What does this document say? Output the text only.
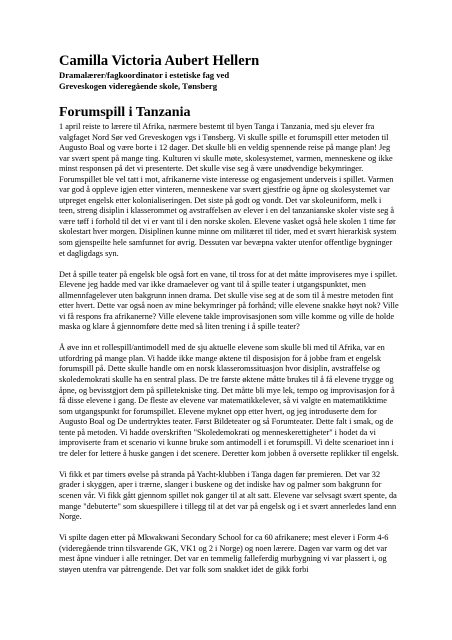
Camilla Victoria Aubert Hellern

Dramalærer/fagkoordinator i estetiske fag ved

Greveskogen videregående skole, Tønsberg

Forumspill i Tanzania

1 april reiste to lærere til Afrika, nærmere bestemt til byen Tanga i Tanzania, med sju elever fra valgfaget Nord Sør ved Greveskogen vgs i Tønsberg. Vi skulle spille et forumspill etter metoden til Augusto Boal og være borte i 12 dager. Det skulle bli en veldig spennende reise på mange plan! Jeg var svært spent på mange ting. Kulturen vi skulle møte, skolesystemet, varmen, menneskene og ikke minst responsen på det vi presenterte. Det skulle vise seg å være unødvendige bekymringer. Forumspillet ble vel tatt i mot, afrikanerne viste interesse og engasjement underveis i spillet. Varmen var god å oppleve igjen etter vinteren, menneskene var svært gjestfrie og åpne og skolesystemet var utpreget engelsk etter kolonialiseringen. Det siste på godt og vondt. Det var skoleuniform, melk i teen, streng disiplin i klasserommet og avstraffelsen av elever i en del tanzanianske skoler viste seg å være tøff i forhold til det vi er vant til i den norske skolen. Elevene vasket også hele skolen 1 time før skolestart hver morgen. Disiplinen kunne minne om militæret til tider, med et svært hierarkisk system som gjenspeilte hele samfunnet for øvrig. Dessuten var bevæpna vakter utenfor offentlige bygninger et dagligdags syn.

Det å spille teater på engelsk ble også fort en vane, til tross for at det måtte improviseres mye i spillet. Elevene jeg hadde med var ikke dramaelever og vant til å spille teater i utgangspunktet, men allmennfagelever uten bakgrunn innen drama. Det skulle vise seg at de som til å mestre metoden fint etter hvert. Dette var også noen av mine bekymringer på forhånd; ville elevene snakke høyt nok? Ville vi få respons fra afrikanerne? Ville elevene takle improvisasjonen som ville komme og ville de holde maska og klare å gjennomføre dette med så liten trening i å spille teater?

Å øve inn et rollespill/antimodell med de sju aktuelle elevene som skulle bli med til Afrika, var en utfordring på mange plan. Vi hadde ikke mange øktene til disposisjon for å jobbe fram et engelsk forumspill på. Dette skulle handle om en norsk klasseromssituasjon hvor disiplin, avstraffelse og skoledemokrati skulle ha en sentral plass. De tre første øktene måtte brukes til å få elevene trygge og åpne, og bevisstgjort dem på spilletekniske ting. Det måtte bli mye lek, tempo og improvisasjon for å få disse elevene i gang. De fleste av elevene var matematikkelever, så vi valgte en matematikktime som utgangspunkt for forumspillet. Elevene myknet opp etter hvert, og jeg introduserte dem for Augusto Boal og De undertryktes teater. Først Bildeteater og så Forumteater. Dette falt i smak, og de tente på metoden. Vi hadde overskriften "Skoledemokrati og menneskerettigheter" i hodet da vi improviserte fram et scenario vi kunne bruke som antimodell i et forumspill. Vi delte scenarioet inn i tre deler for lettere å huske gangen i det scenere. Deretter kom jobben å oversette replikker til engelsk.

Vi fikk et par timers øvelse på stranda på Yacht-klubben i Tanga dagen før premieren. Det var 32 grader i skyggen, aper i trærne, slanger i buskene og det indiske hav og palmer som bakgrunn for scenen vår. Vi fikk gått gjennom spillet nok ganger til at alt satt. Elevene var selvsagt svært spente, da mange "debuterte" som skuespillere i tillegg til at det var på engelsk og i et svært annerledes land enn Norge.

Vi spilte dagen etter på Mkwakwani Secondary School for ca 60 afrikanere; mest elever i Form 4-6 (videregående trinn tilsvarende GK, VK1 og 2 i Norge) og noen lærere. Dagen var varm og det var mest åpne vinduer i alle retninger. Det var en temmelig falleferdig murbygning vi var plassert i, og støyen utenfra var påtrengende. Det var folk som snakket idet de gikk forbi
